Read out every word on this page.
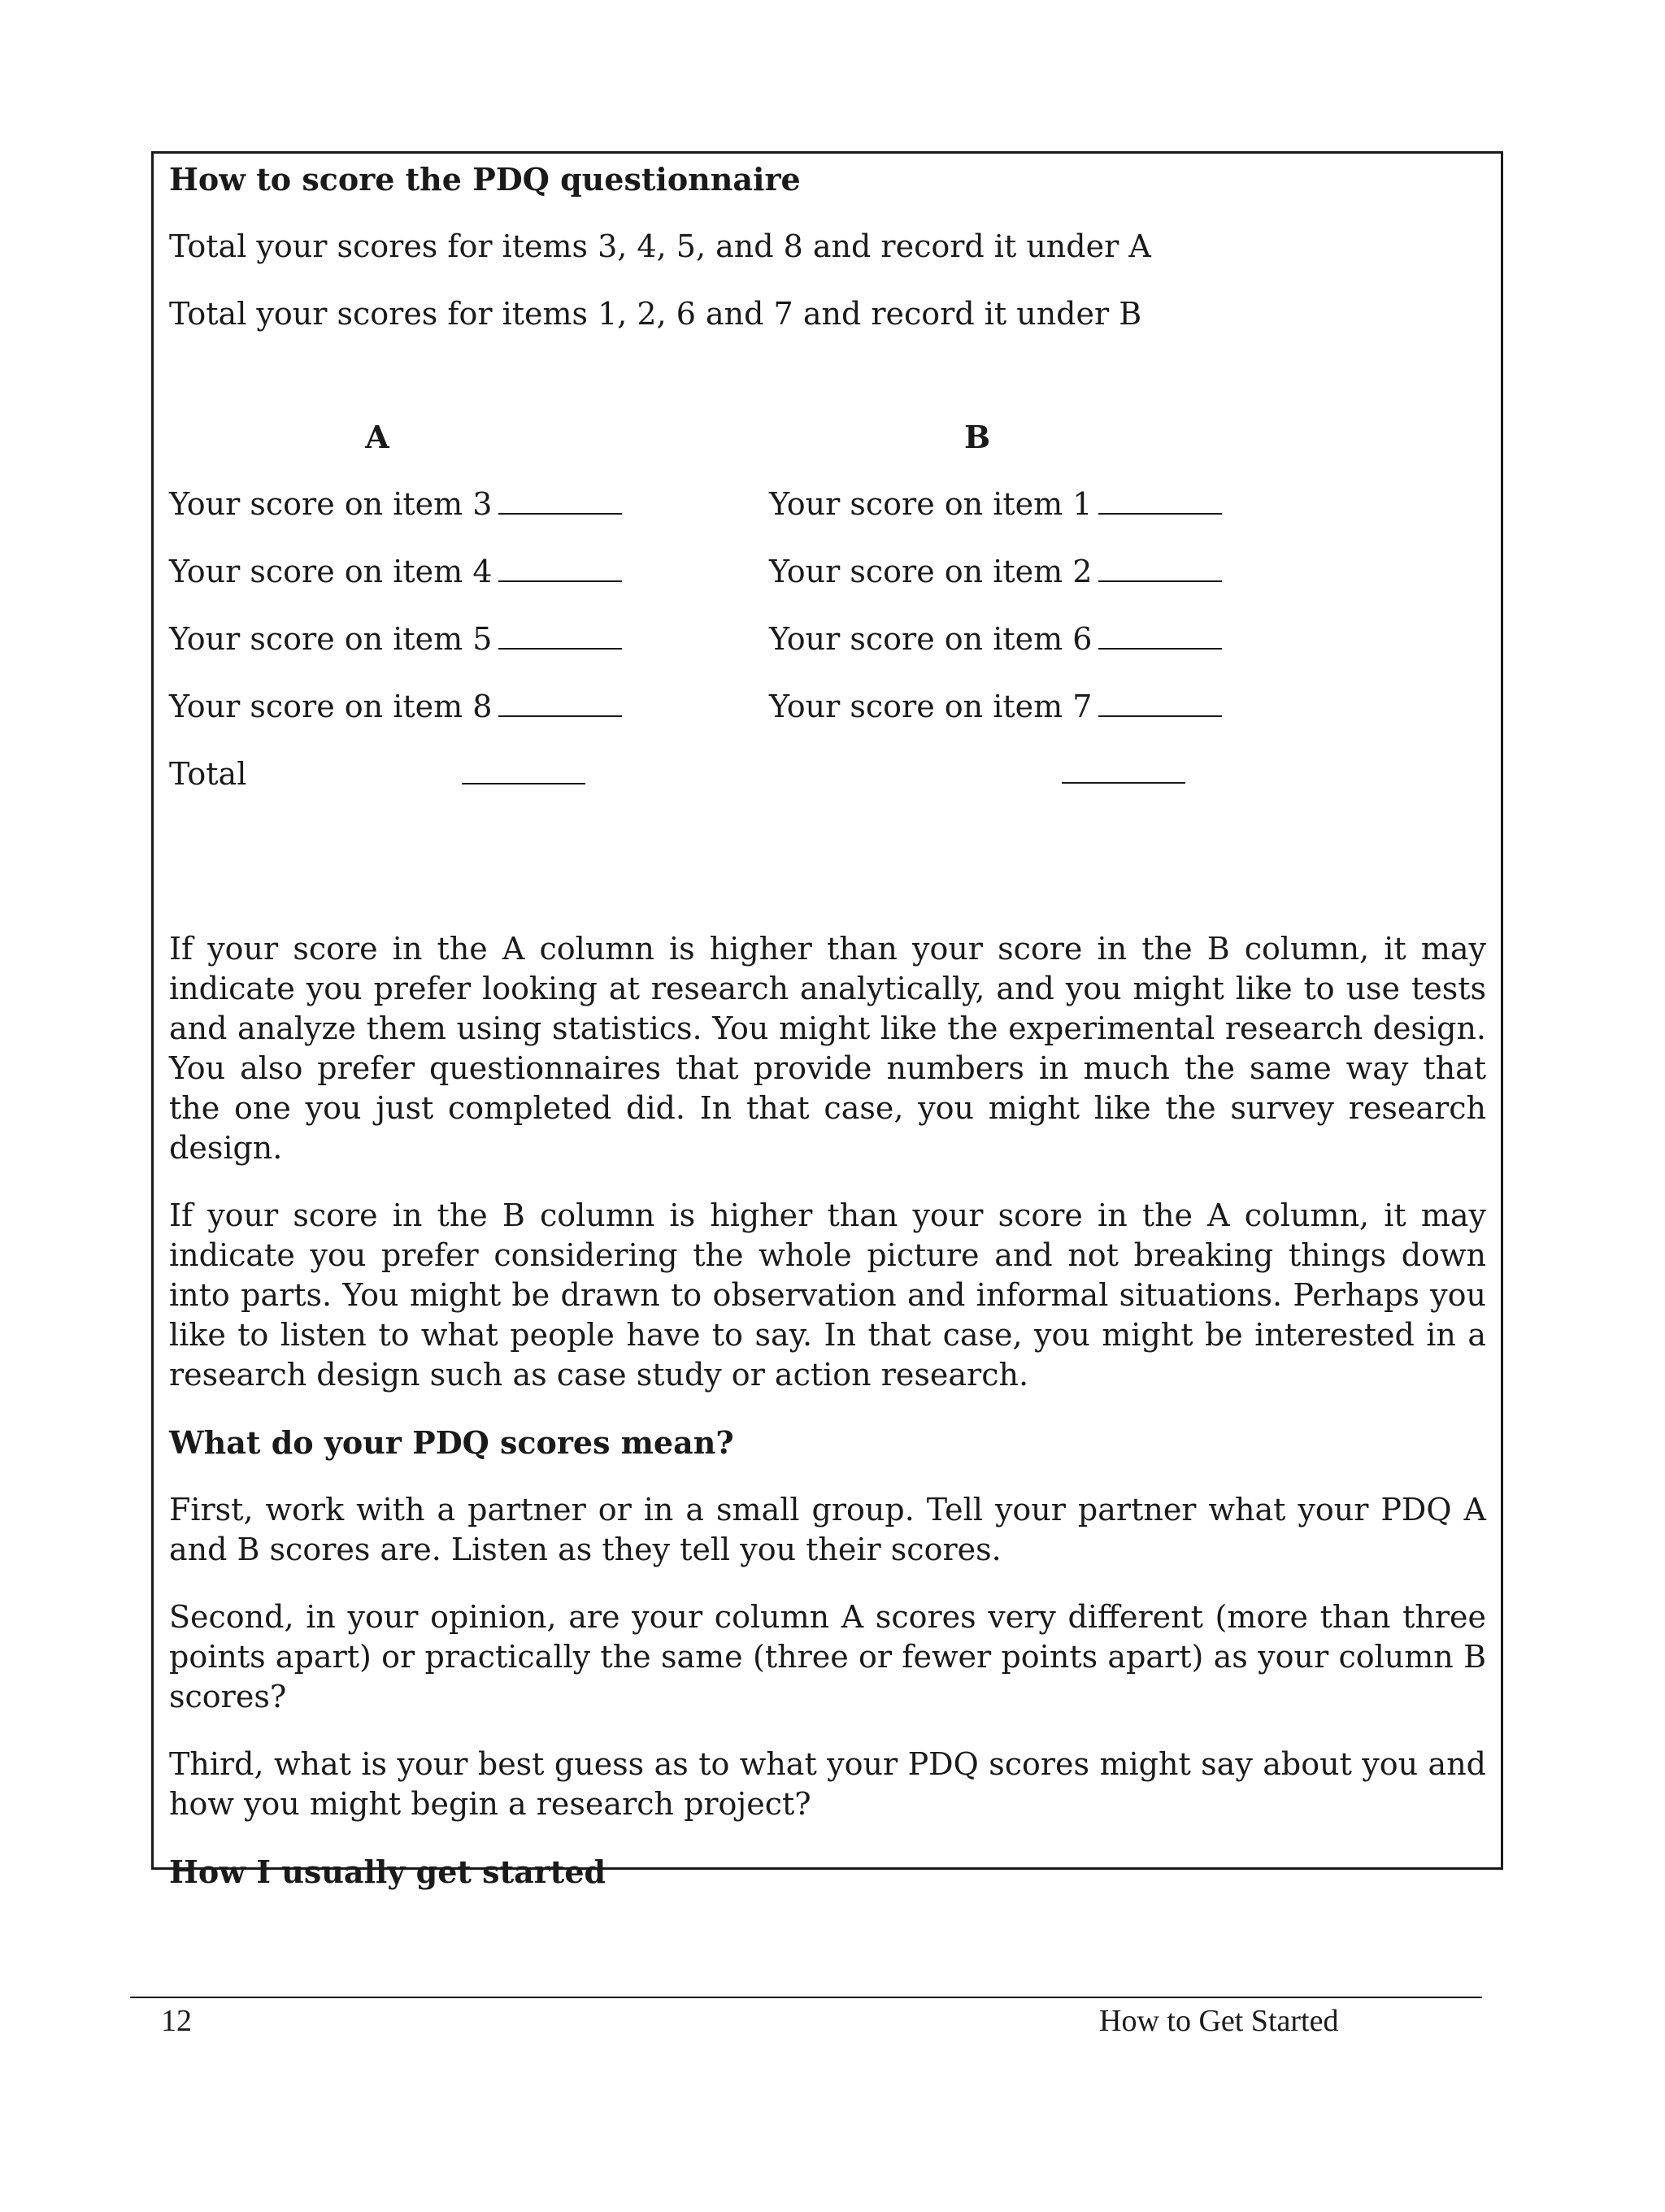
How to score the PDQ questionnaire

Total your scores for items 3, 4, 5, and 8 and record it under A

Total your scores for items 1, 2, 6 and 7 and record it under B

A
Your score on item 3
Your score on item 4
Your score on item 5
Your score on item 8
Total
B
Your score on item 1
Your score on item 2
Your score on item 6
Your score on item 7

If your score in the A column is higher than your score in the B column, it may indicate you prefer looking at research analytically, and you might like to use tests and analyze them using statistics. You might like the experimental research design. You also prefer questionnaires that provide numbers in much the same way that the one you just completed did. In that case, you might like the survey research design.

If your score in the B column is higher than your score in the A column, it may indicate you prefer considering the whole picture and not breaking things down into parts. You might be drawn to observation and informal situations. Perhaps you like to listen to what people have to say. In that case, you might be interested in a research design such as case study or action research.

What do your PDQ scores mean?

First, work with a partner or in a small group. Tell your partner what your PDQ A and B scores are. Listen as they tell you their scores.

Second, in your opinion, are your column A scores very different (more than three points apart) or practically the same (three or fewer points apart) as your column B scores?

Third, what is your best guess as to what your PDQ scores might say about you and how you might begin a research project?

How I usually get started

12	How to Get Started
